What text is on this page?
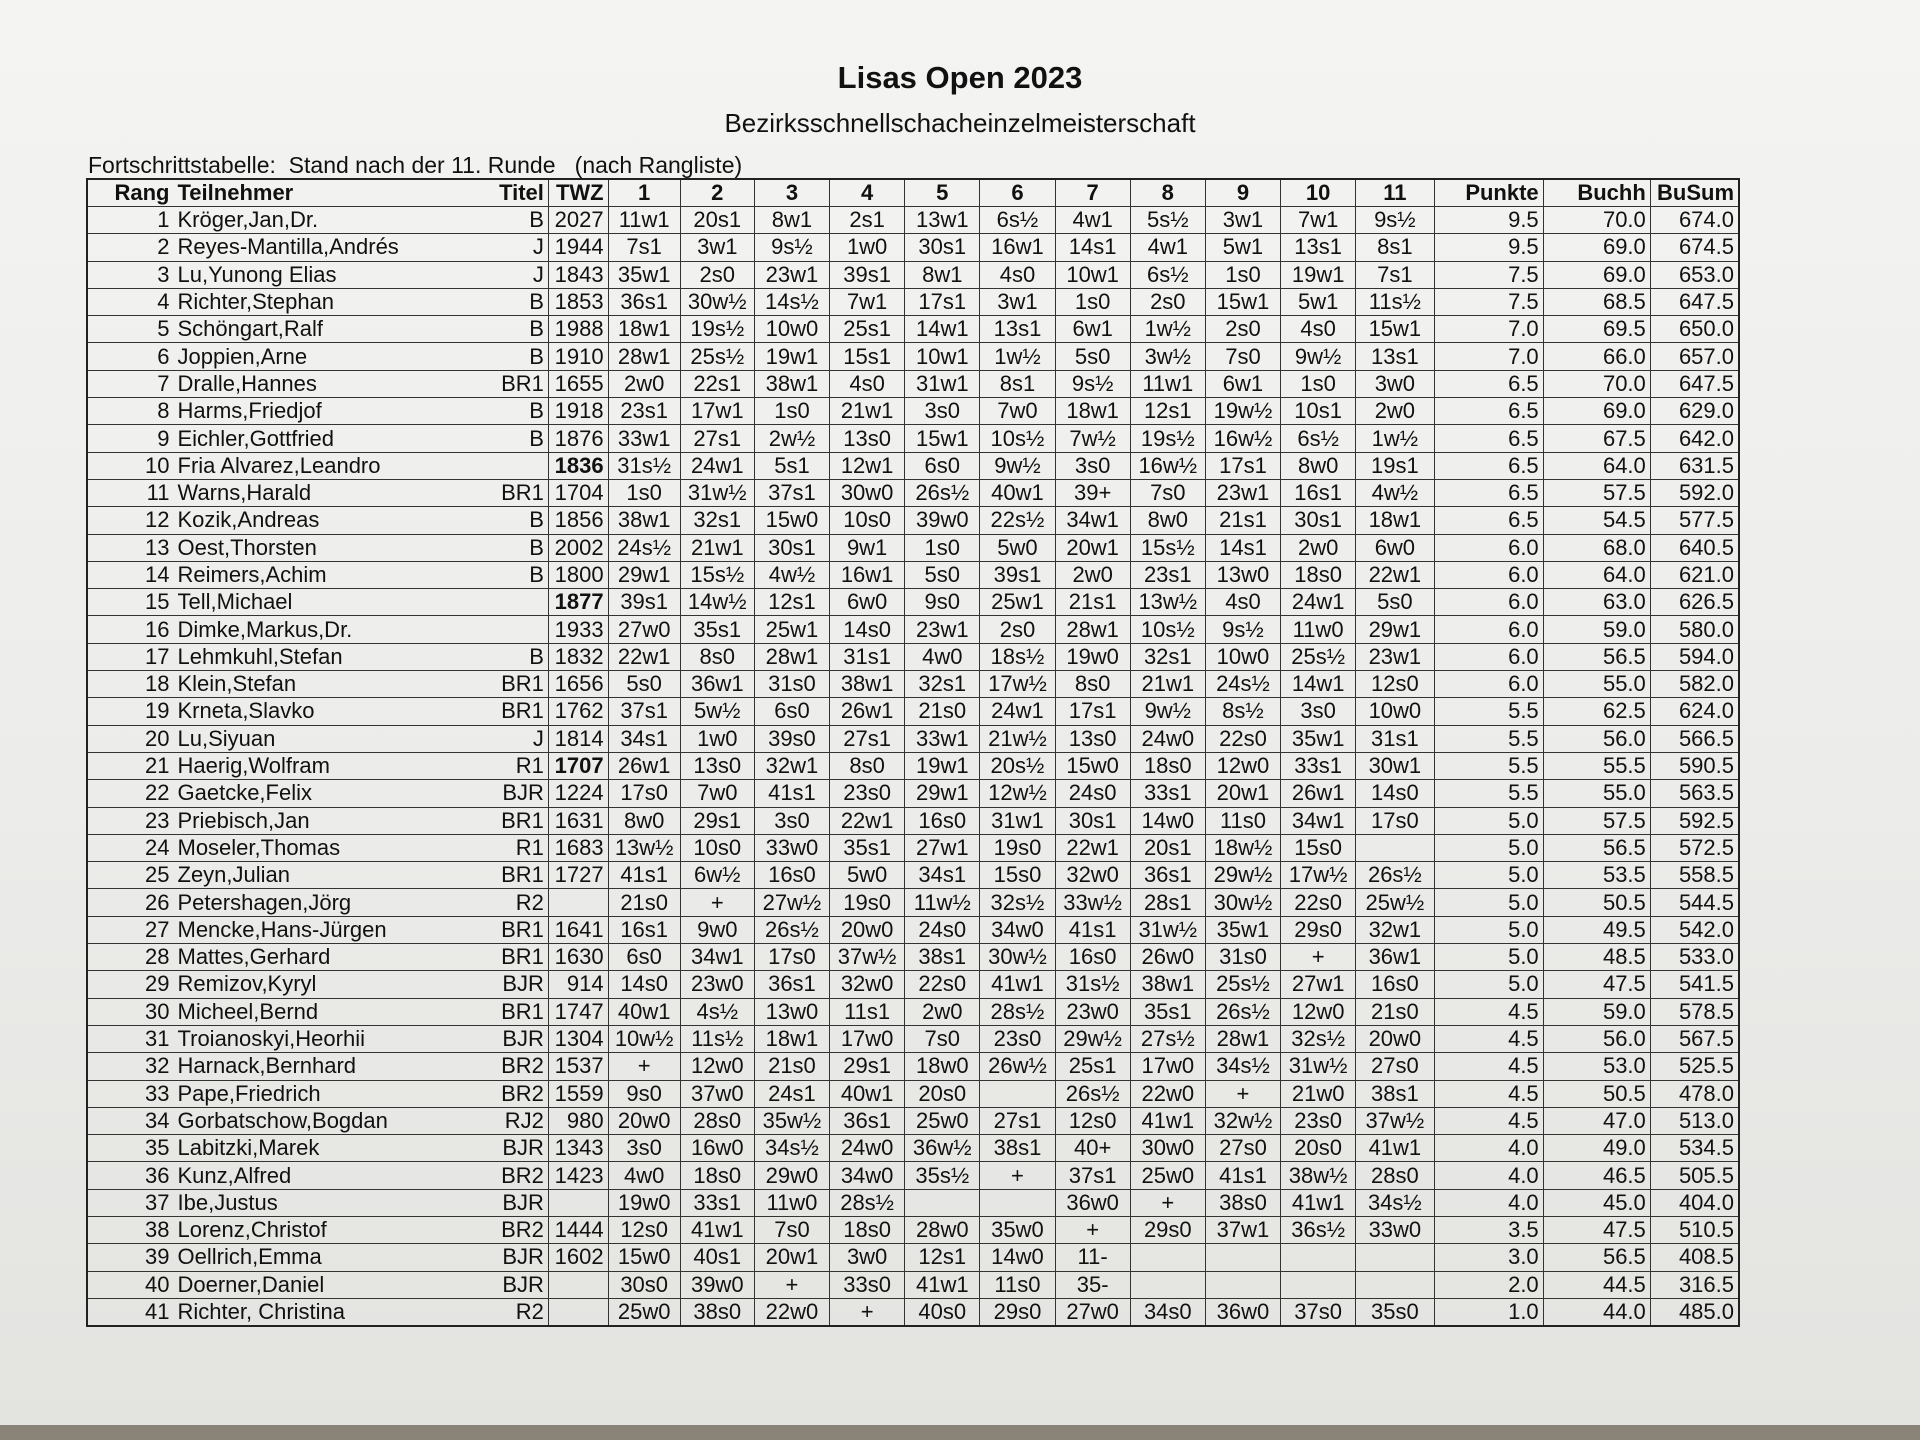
Lisas Open 2023
Bezirksschnellschacheinzelmeisterschaft
Fortschrittstabelle:  Stand nach der 11. Runde   (nach Rangliste)
Rang	Teilnehmer	Titel	TWZ	1	2	3	4	5	6	7	8	9	10	11	Punkte	Buchh	BuSum
1	Kröger,Jan,Dr.	B	2027	11w1	20s1	8w1	2s1	13w1	6s½	4w1	5s½	3w1	7w1	9s½	9.5	70.0	674.0
2	Reyes-Mantilla,Andrés	J	1944	7s1	3w1	9s½	1w0	30s1	16w1	14s1	4w1	5w1	13s1	8s1	9.5	69.0	674.5
3	Lu,Yunong Elias	J	1843	35w1	2s0	23w1	39s1	8w1	4s0	10w1	6s½	1s0	19w1	7s1	7.5	69.0	653.0
4	Richter,Stephan	B	1853	36s1	30w½	14s½	7w1	17s1	3w1	1s0	2s0	15w1	5w1	11s½	7.5	68.5	647.5
5	Schöngart,Ralf	B	1988	18w1	19s½	10w0	25s1	14w1	13s1	6w1	1w½	2s0	4s0	15w1	7.0	69.5	650.0
6	Joppien,Arne	B	1910	28w1	25s½	19w1	15s1	10w1	1w½	5s0	3w½	7s0	9w½	13s1	7.0	66.0	657.0
7	Dralle,Hannes	BR1	1655	2w0	22s1	38w1	4s0	31w1	8s1	9s½	11w1	6w1	1s0	3w0	6.5	70.0	647.5
8	Harms,Friedjof	B	1918	23s1	17w1	1s0	21w1	3s0	7w0	18w1	12s1	19w½	10s1	2w0	6.5	69.0	629.0
9	Eichler,Gottfried	B	1876	33w1	27s1	2w½	13s0	15w1	10s½	7w½	19s½	16w½	6s½	1w½	6.5	67.5	642.0
10	Fria Alvarez,Leandro		1836	31s½	24w1	5s1	12w1	6s0	9w½	3s0	16w½	17s1	8w0	19s1	6.5	64.0	631.5
11	Warns,Harald	BR1	1704	1s0	31w½	37s1	30w0	26s½	40w1	39+	7s0	23w1	16s1	4w½	6.5	57.5	592.0
12	Kozik,Andreas	B	1856	38w1	32s1	15w0	10s0	39w0	22s½	34w1	8w0	21s1	30s1	18w1	6.5	54.5	577.5
13	Oest,Thorsten	B	2002	24s½	21w1	30s1	9w1	1s0	5w0	20w1	15s½	14s1	2w0	6w0	6.0	68.0	640.5
14	Reimers,Achim	B	1800	29w1	15s½	4w½	16w1	5s0	39s1	2w0	23s1	13w0	18s0	22w1	6.0	64.0	621.0
15	Tell,Michael		1877	39s1	14w½	12s1	6w0	9s0	25w1	21s1	13w½	4s0	24w1	5s0	6.0	63.0	626.5
16	Dimke,Markus,Dr.		1933	27w0	35s1	25w1	14s0	23w1	2s0	28w1	10s½	9s½	11w0	29w1	6.0	59.0	580.0
17	Lehmkuhl,Stefan	B	1832	22w1	8s0	28w1	31s1	4w0	18s½	19w0	32s1	10w0	25s½	23w1	6.0	56.5	594.0
18	Klein,Stefan	BR1	1656	5s0	36w1	31s0	38w1	32s1	17w½	8s0	21w1	24s½	14w1	12s0	6.0	55.0	582.0
19	Krneta,Slavko	BR1	1762	37s1	5w½	6s0	26w1	21s0	24w1	17s1	9w½	8s½	3s0	10w0	5.5	62.5	624.0
20	Lu,Siyuan	J	1814	34s1	1w0	39s0	27s1	33w1	21w½	13s0	24w0	22s0	35w1	31s1	5.5	56.0	566.5
21	Haerig,Wolfram	R1	1707	26w1	13s0	32w1	8s0	19w1	20s½	15w0	18s0	12w0	33s1	30w1	5.5	55.5	590.5
22	Gaetcke,Felix	BJR	1224	17s0	7w0	41s1	23s0	29w1	12w½	24s0	33s1	20w1	26w1	14s0	5.5	55.0	563.5
23	Priebisch,Jan	BR1	1631	8w0	29s1	3s0	22w1	16s0	31w1	30s1	14w0	11s0	34w1	17s0	5.0	57.5	592.5
24	Moseler,Thomas	R1	1683	13w½	10s0	33w0	35s1	27w1	19s0	22w1	20s1	18w½	15s0		5.0	56.5	572.5
25	Zeyn,Julian	BR1	1727	41s1	6w½	16s0	5w0	34s1	15s0	32w0	36s1	29w½	17w½	26s½	5.0	53.5	558.5
26	Petershagen,Jörg	R2		21s0	+	27w½	19s0	11w½	32s½	33w½	28s1	30w½	22s0	25w½	5.0	50.5	544.5
27	Mencke,Hans-Jürgen	BR1	1641	16s1	9w0	26s½	20w0	24s0	34w0	41s1	31w½	35w1	29s0	32w1	5.0	49.5	542.0
28	Mattes,Gerhard	BR1	1630	6s0	34w1	17s0	37w½	38s1	30w½	16s0	26w0	31s0	+	36w1	5.0	48.5	533.0
29	Remizov,Kyryl	BJR	914	14s0	23w0	36s1	32w0	22s0	41w1	31s½	38w1	25s½	27w1	16s0	5.0	47.5	541.5
30	Micheel,Bernd	BR1	1747	40w1	4s½	13w0	11s1	2w0	28s½	23w0	35s1	26s½	12w0	21s0	4.5	59.0	578.5
31	Troianoskyi,Heorhii	BJR	1304	10w½	11s½	18w1	17w0	7s0	23s0	29w½	27s½	28w1	32s½	20w0	4.5	56.0	567.5
32	Harnack,Bernhard	BR2	1537	+	12w0	21s0	29s1	18w0	26w½	25s1	17w0	34s½	31w½	27s0	4.5	53.0	525.5
33	Pape,Friedrich	BR2	1559	9s0	37w0	24s1	40w1	20s0		26s½	22w0	+	21w0	38s1	4.5	50.5	478.0
34	Gorbatschow,Bogdan	RJ2	980	20w0	28s0	35w½	36s1	25w0	27s1	12s0	41w1	32w½	23s0	37w½	4.5	47.0	513.0
35	Labitzki,Marek	BJR	1343	3s0	16w0	34s½	24w0	36w½	38s1	40+	30w0	27s0	20s0	41w1	4.0	49.0	534.5
36	Kunz,Alfred	BR2	1423	4w0	18s0	29w0	34w0	35s½	+	37s1	25w0	41s1	38w½	28s0	4.0	46.5	505.5
37	Ibe,Justus	BJR		19w0	33s1	11w0	28s½			36w0	+	38s0	41w1	34s½	4.0	45.0	404.0
38	Lorenz,Christof	BR2	1444	12s0	41w1	7s0	18s0	28w0	35w0	+	29s0	37w1	36s½	33w0	3.5	47.5	510.5
39	Oellrich,Emma	BJR	1602	15w0	40s1	20w1	3w0	12s1	14w0	11-					3.0	56.5	408.5
40	Doerner,Daniel	BJR		30s0	39w0	+	33s0	41w1	11s0	35-					2.0	44.5	316.5
41	Richter, Christina	R2		25w0	38s0	22w0	+	40s0	29s0	27w0	34s0	36w0	37s0	35s0	1.0	44.0	485.0
